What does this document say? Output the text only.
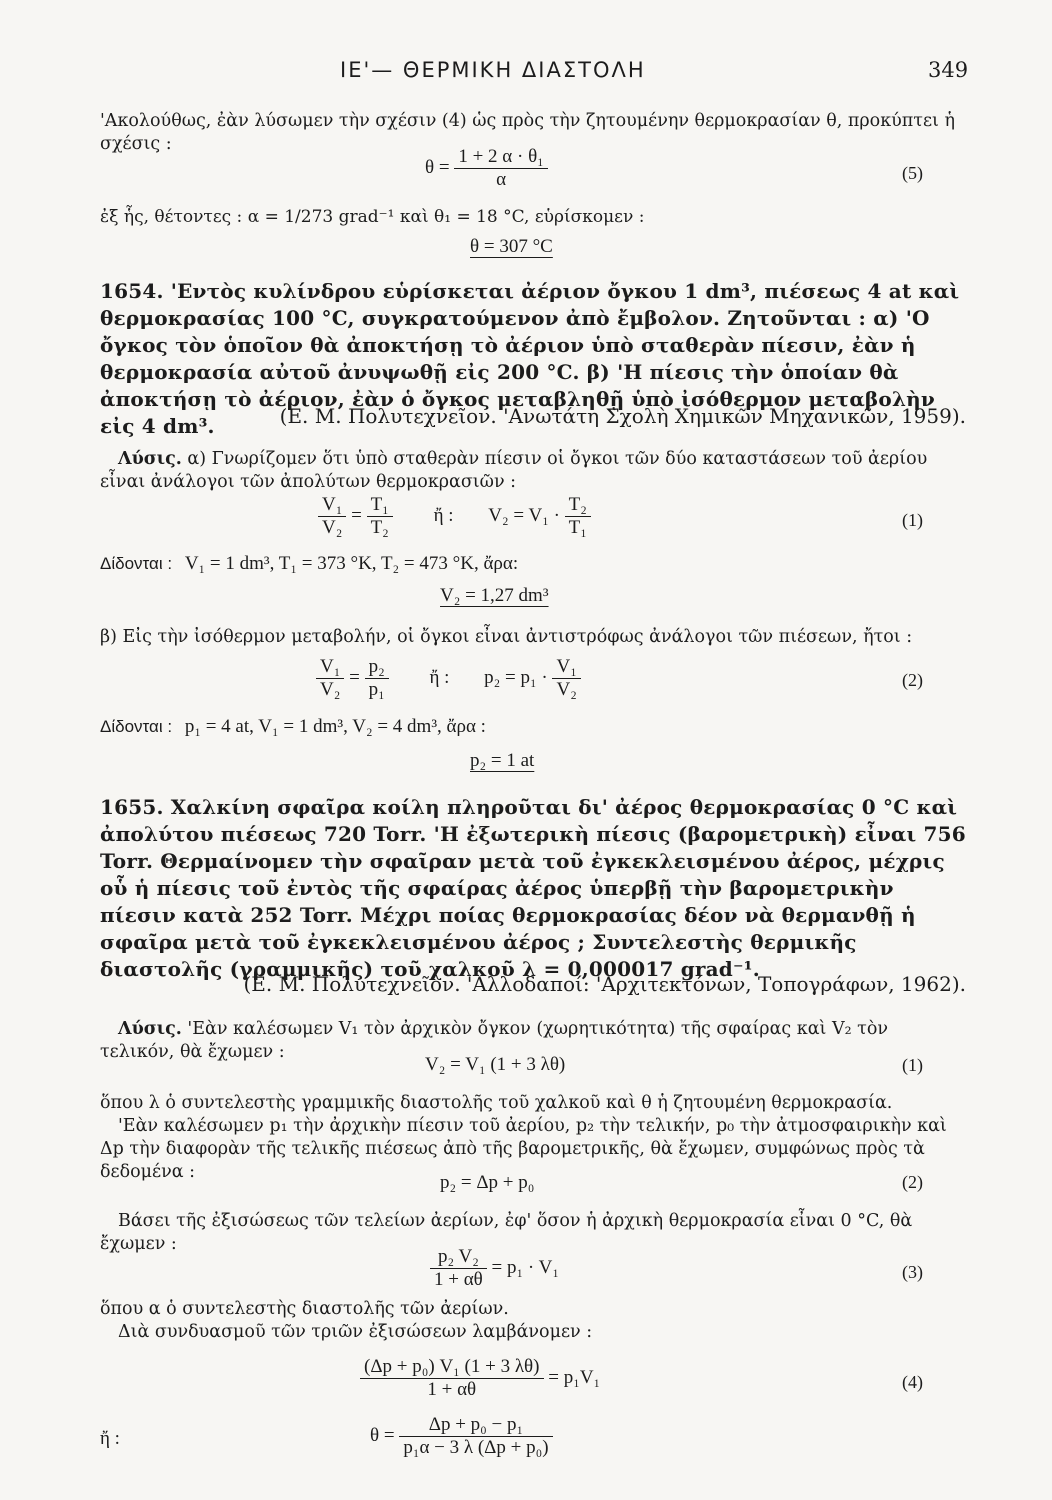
ΙΕ'— ΘΕΡΜΙΚΗ ΔΙΑΣΤΟΛΗ	349

'Ακολούθως, ἐὰν λύσωμεν τὴν σχέσιν (4) ὡς πρὸς τὴν ζητουμένην θερμοκρασίαν θ, προκύπτει ἡ σχέσις :

$\theta = \frac{\text{1 + 2 α · θ₁}}{\alpha}$	(5)

ἐξ ἧς, θέτοντες : α = 1/273 grad⁻¹ καὶ θ₁ = 18 °C, εὑρίσκομεν :

θ = 307 °C

1654. 'Εντὸς κυλίνδρου εὑρίσκεται ἀέριον ὄγκου 1 dm³, πιέσεως 4 at καὶ θερμοκρασίας 100 °C, συγκρατούμενον ἀπὸ ἔμβολον. Ζητοῦνται : α) 'Ο ὄγκος τὸν ὁποῖον θὰ ἀποκτήσῃ τὸ ἀέριον ὑπὸ σταθερὰν πίεσιν, ἐὰν ἡ θερμοκρασία αὐτοῦ ἀνυψωθῇ εἰς 200 °C. β) 'Η πίεσις τὴν ὁποίαν θὰ ἀποκτήσῃ τὸ ἀέριον, ἐὰν ὁ ὄγκος μεταβληθῇ ὑπὸ ἰσόθερμον μεταβολὴν εἰς 4 dm³.	(Ε. Μ. Πολυτεχνεῖον. 'Ανωτάτη Σχολὴ Χημικῶν Μηχανικῶν, 1959).

Λύσις. α) Γνωρίζομεν ὅτι ὑπὸ σταθερὰν πίεσιν οἱ ὄγκοι τῶν δύο καταστάσεων τοῦ ἀερίου εἶναι ἀνάλογοι τῶν ἀπολύτων θερμοκρασιῶν :

$\frac{\text{V₁}}{\text{V₂}} = \frac{\text{T₁}}{\text{T₂}}$ ἤ : $V_2 = V_1 \cdot \frac{\text{T₂}}{\text{T₁}}$	(1)
Δίδονται : V₁ = 1 dm³, T₁ = 373 °K, T₂ = 473 °K, ἄρα:
V₂ = 1,27 dm³

β) Εἰς τὴν ἰσόθερμον μεταβολήν, οἱ ὄγκοι εἶναι ἀντιστρόφως ἀνάλογοι τῶν πιέσεων, ἤτοι :

$\frac{\text{V₁}}{\text{V₂}} = \frac{\text{p₂}}{\text{p₁}}$ ἤ : $p_2 = p_1 \cdot \frac{\text{V₁}}{\text{V₂}}$	(2)
Δίδονται : p₁ = 4 at, V₁ = 1 dm³, V₂ = 4 dm³, ἄρα :
p₂ = 1 at

1655. Χαλκίνη σφαῖρα κοίλη πληροῦται δι' ἀέρος θερμοκρασίας 0 °C καὶ ἀπολύτου πιέσεως 720 Torr. 'Η ἐξωτερικὴ πίεσις (βαρομετρικὴ) εἶναι 756 Torr. Θερμαίνομεν τὴν σφαῖραν μετὰ τοῦ ἐγκεκλεισμένου ἀέρος, μέχρις οὗ ἡ πίεσις τοῦ ἐντὸς τῆς σφαίρας ἀέρος ὑπερβῇ τὴν βαρομετρικὴν πίεσιν κατὰ 252 Torr. Μέχρι ποίας θερμοκρασίας δέον νὰ θερμανθῇ ἡ σφαῖρα μετὰ τοῦ ἐγκεκλεισμένου ἀέρος ; Συντελεστὴς θερμικῆς διαστολῆς (γραμμικῆς) τοῦ χαλκοῦ λ = 0,000017 grad⁻¹.

(Ε. Μ. Πολυτεχνεῖον. 'Αλλοδαποί: 'Αρχιτεκτόνων, Τοπογράφων, 1962).

Λύσις. 'Εὰν καλέσωμεν V₁ τὸν ἀρχικὸν ὄγκον (χωρητικότητα) τῆς σφαίρας καὶ V₂ τὸν τελικόν, θὰ ἔχωμεν :

V₂ = V₁ (1 + 3 λθ)	(1)

ὅπου λ ὁ συντελεστὴς γραμμικῆς διαστολῆς τοῦ χαλκοῦ καὶ θ ἡ ζητουμένη θερμοκρασία.

'Εὰν καλέσωμεν p₁ τὴν ἀρχικὴν πίεσιν τοῦ ἀερίου, p₂ τὴν τελικήν, p₀ τὴν ἀτμοσφαιρικὴν καὶ Δp τὴν διαφορὰν τῆς τελικῆς πιέσεως ἀπὸ τῆς βαρομετρικῆς, θὰ ἔχωμεν, συμφώνως πρὸς τὰ δεδομένα :	p₂ = Δp + p₀	(2)

Βάσει τῆς ἐξισώσεως τῶν τελείων ἀερίων, ἐφ' ὅσον ἡ ἀρχικὴ θερμοκρασία εἶναι 0 °C, θὰ ἔχωμεν :

$\frac{\text{p₂ V₂}}{1 + \alpha\theta} = p_1 \cdot V_1$	(3)

ὅπου α ὁ συντελεστὴς διαστολῆς τῶν ἀερίων.

Διὰ συνδυασμοῦ τῶν τριῶν ἐξισώσεων λαμβάνομεν :

$\frac{\text{(Δp + p₀) V₁ (1 + 3 λθ)}}{1 + \alpha\theta} = p_1V_1$	(4)
ἤ :	$\theta = \frac{\text{Δp + p₀ − p₁}}{\text{p₁α − 3 λ (Δp + p₀)}}$
